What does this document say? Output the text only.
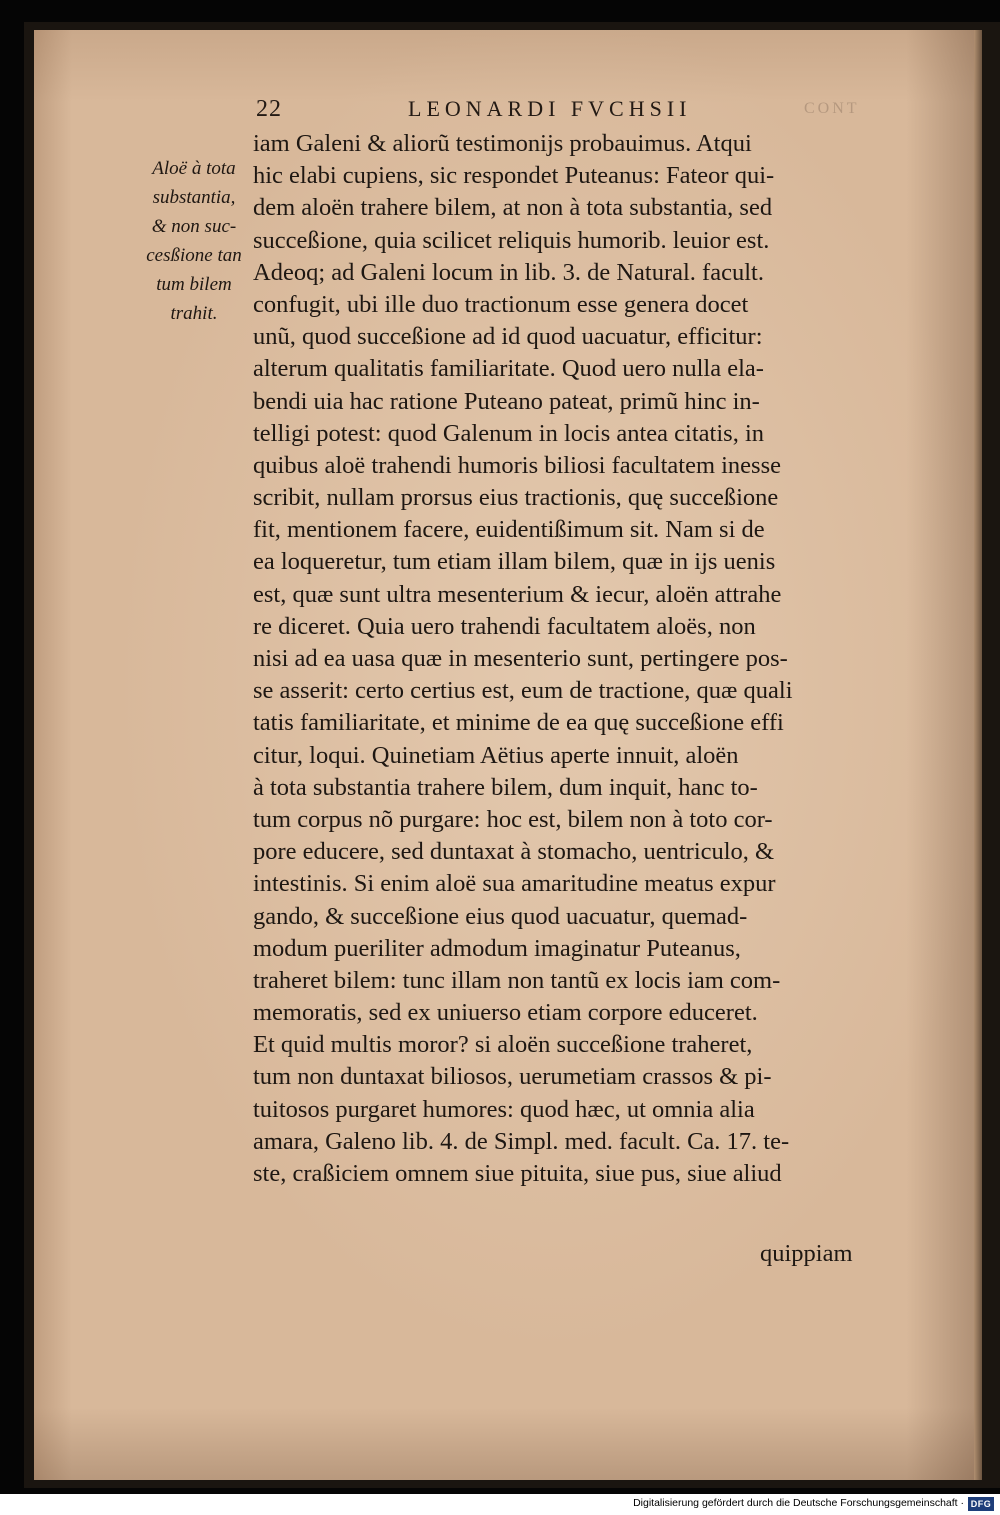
22	LEONARDI FVCHSII	CONT
Aloë à tota
substantia,
& non suc-
cesßione tan
tum bilem
trahit.
iam Galeni & aliorũ testimonijs probauimus. Atqui
hic elabi cupiens, sic respondet Puteanus: Fateor qui-
dem aloën trahere bilem, at non à tota substantia, sed
succeßione, quia scilicet reliquis humorib. leuior est.
Adeoq; ad Galeni locum in lib. 3. de Natural. facult.
confugit, ubi ille duo tractionum esse genera docet
unũ, quod succeßione ad id quod uacuatur, efficitur:
alterum qualitatis familiaritate. Quod uero nulla ela-
bendi uia hac ratione Puteano pateat, primũ hinc in-
telligi potest: quod Galenum in locis antea citatis, in
quibus aloë trahendi humoris biliosi facultatem inesse
scribit, nullam prorsus eius tractionis, quę succeßione
fit, mentionem facere, euidentißimum sit. Nam si de
ea loqueretur, tum etiam illam bilem, quæ in ijs uenis
est, quæ sunt ultra mesenterium & iecur, aloën attrahe
re diceret. Quia uero trahendi facultatem aloës, non
nisi ad ea uasa quæ in mesenterio sunt, pertingere pos-
se asserit: certo certius est, eum de tractione, quæ quali
tatis familiaritate, et minime de ea quę succeßione effi
citur, loqui. Quinetiam Aëtius aperte innuit, aloën
à tota substantia trahere bilem, dum inquit, hanc to-
tum corpus nõ purgare: hoc est, bilem non à toto cor-
pore educere, sed duntaxat à stomacho, uentriculo, &
intestinis. Si enim aloë sua amaritudine meatus expur
gando, & succeßione eius quod uacuatur, quemad-
modum pueriliter admodum imaginatur Puteanus,
traheret bilem: tunc illam non tantũ ex locis iam com-
memoratis, sed ex uniuerso etiam corpore educeret.
Et quid multis moror? si aloën succeßione traheret,
tum non duntaxat biliosos, uerumetiam crassos & pi-
tuitosos purgaret humores: quod hæc, ut omnia alia
amara, Galeno lib. 4. de Simpl. med. facult. Ca. 17. te-
ste, craßiciem omnem siue pituita, siue pus, siue aliud
quippiam
Digitalisierung gefördert durch die Deutsche Forschungsgemeinschaft · DFG
